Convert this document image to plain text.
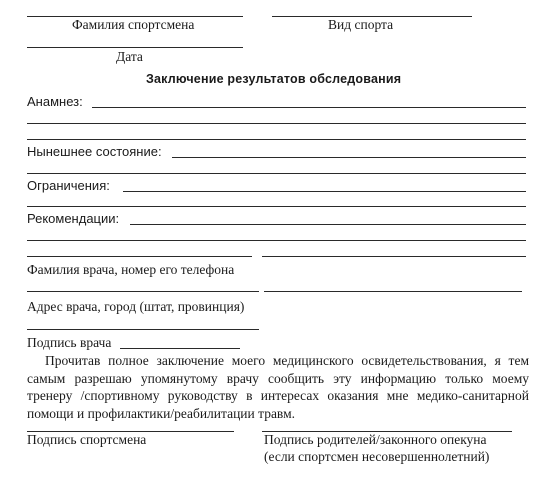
Фамилия спортсмена	Вид спорта
Дата
Заключение результатов обследования
Анамнез:
Нынешнее состояние:
Ограничения:
Рекомендации:
Фамилия врача, номер его телефона
Адрес врача, город (штат, провинция)
Подпись врача
Прочитав полное заключение моего медицинского освидетельствования, я тем самым разрешаю упомянутому врачу сообщить эту информацию только моему тренеру /спортивному руководству в интересах оказания мне медико-санитарной помощи и профилактики/реабилитации травм.
Подпись спортсмена	Подпись родителей/законного опекуна
(если спортсмен несовершеннолетний)
